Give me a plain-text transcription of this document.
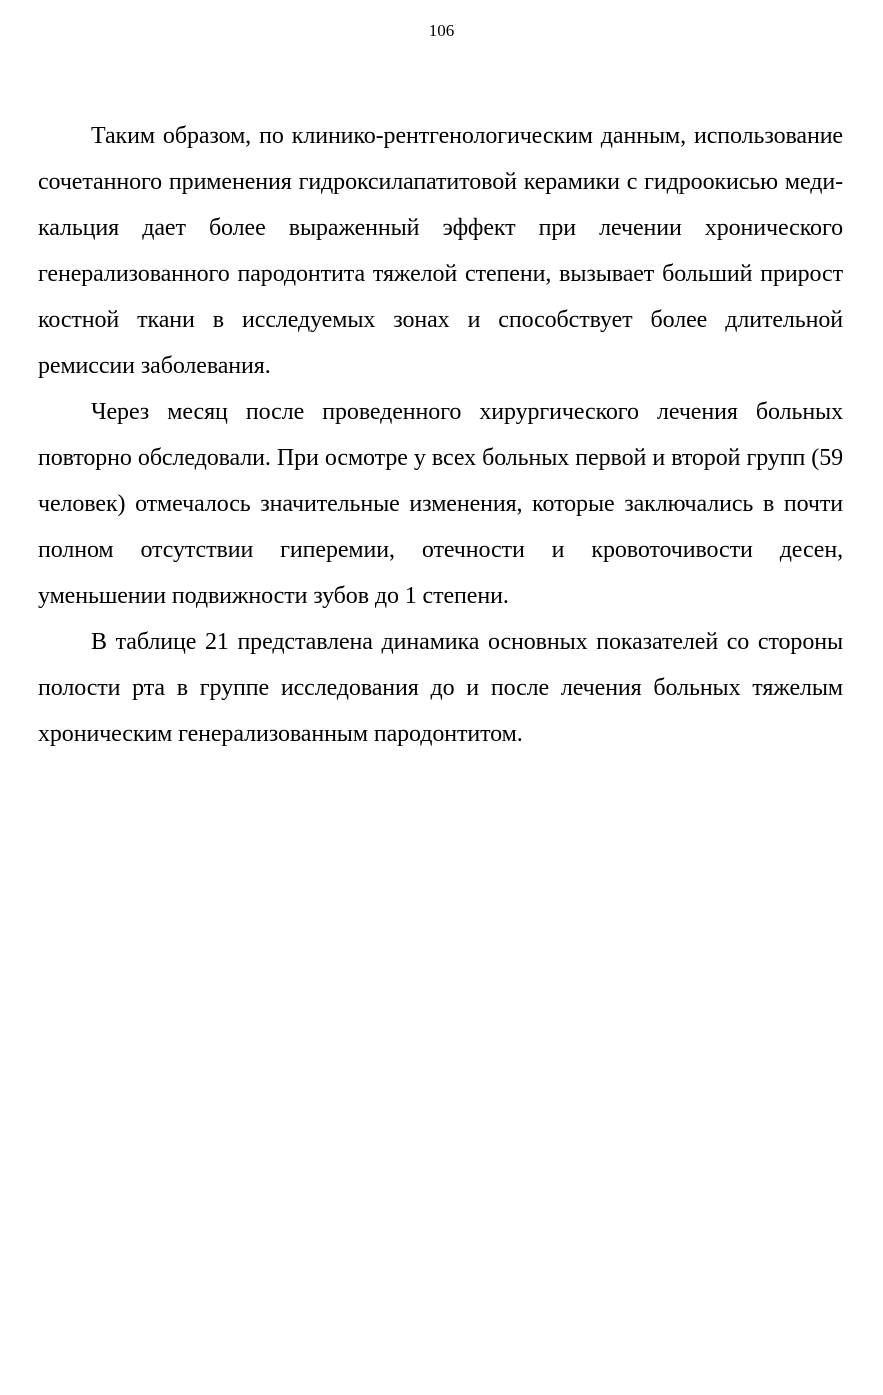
106

Таким образом, по клинико-рентгенологическим данным, использование сочетанного применения гидроксилапатитовой керамики с гидроокисью меди-кальция дает более выраженный эффект при лечении хронического генерализованного пародонтита тяжелой степени, вызывает больший прирост костной ткани в исследуемых зонах и способствует более длительной ремиссии заболевания.

Через месяц после проведенного хирургического лечения больных повторно обследовали. При осмотре у всех больных первой и второй групп (59 человек) отмечалось значительные изменения, которые заключались в почти полном отсутствии гиперемии, отечности и кровоточивости десен, уменьшении подвижности зубов до 1 степени.

В таблице 21 представлена динамика основных показателей со стороны полости рта в группе исследования до и после лечения больных тяжелым хроническим генерализованным пародонтитом.
